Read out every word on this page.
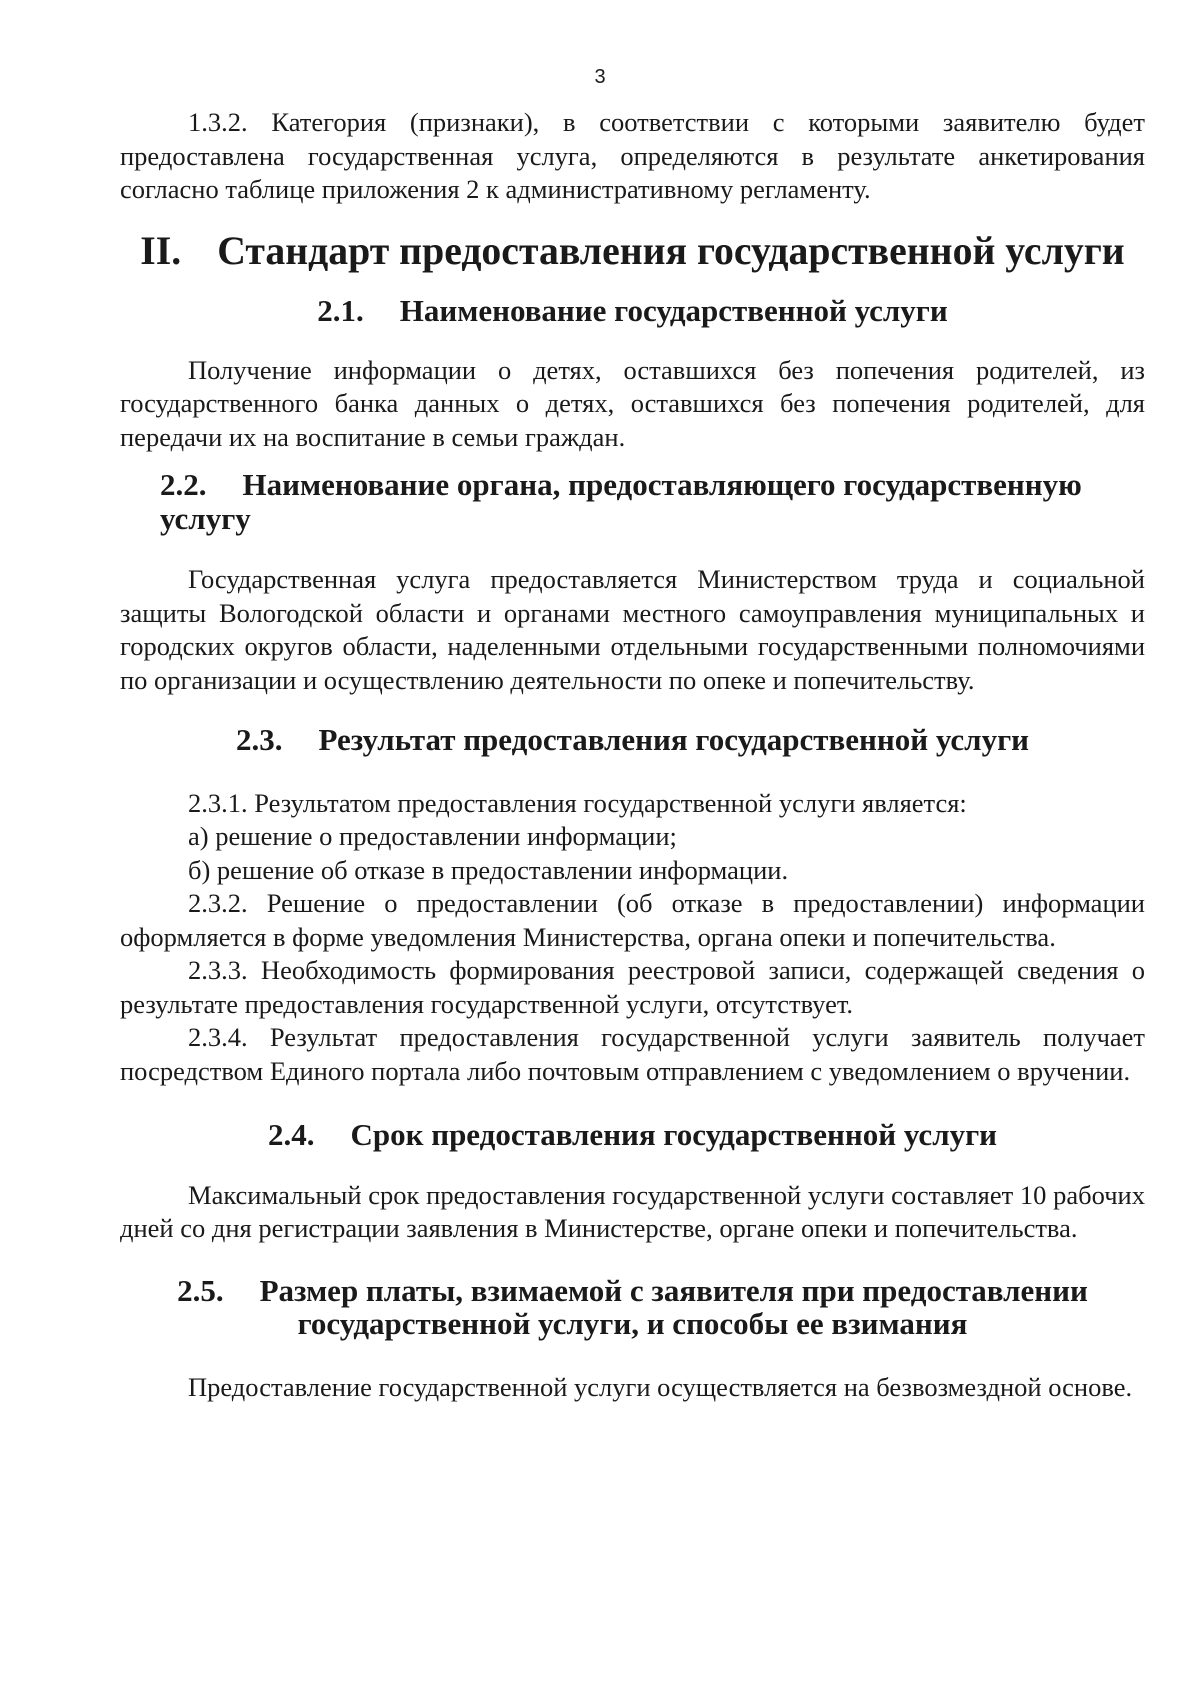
3

1.3.2. Категория (признаки), в соответствии с которыми заявителю будет предоставлена государственная услуга, определяются в результате анкетирования согласно таблице приложения 2 к административному регламенту.

II. Стандарт предоставления государственной услуги
2.1. Наименование государственной услуги

Получение информации о детях, оставшихся без попечения родителей, из государственного банка данных о детях, оставшихся без попечения родителей, для передачи их на воспитание в семьи граждан.

2.2. Наименование органа, предоставляющего государственную услугу

Государственная услуга предоставляется Министерством труда и социальной защиты Вологодской области и органами местного самоуправления муниципальных и городских округов области, наделенными отдельными государственными полномочиями по организации и осуществлению деятельности по опеке и попечительству.

2.3. Результат предоставления государственной услуги

2.3.1. Результатом предоставления государственной услуги является:

а) решение о предоставлении информации;

б) решение об отказе в предоставлении информации.

2.3.2. Решение о предоставлении (об отказе в предоставлении) информации оформляется в форме уведомления Министерства, органа опеки и попечительства.

2.3.3. Необходимость формирования реестровой записи, содержащей сведения о результате предоставления государственной услуги, отсутствует.

2.3.4. Результат предоставления государственной услуги заявитель получает посредством Единого портала либо почтовым отправлением с уведомлением о вручении.

2.4. Срок предоставления государственной услуги

Максимальный срок предоставления государственной услуги составляет 10 рабочих дней со дня регистрации заявления в Министерстве, органе опеки и попечительства.

2.5. Размер платы, взимаемой с заявителя при предоставлении
государственной услуги, и способы ее взимания

Предоставление государственной услуги осуществляется на безвозмездной основе.
